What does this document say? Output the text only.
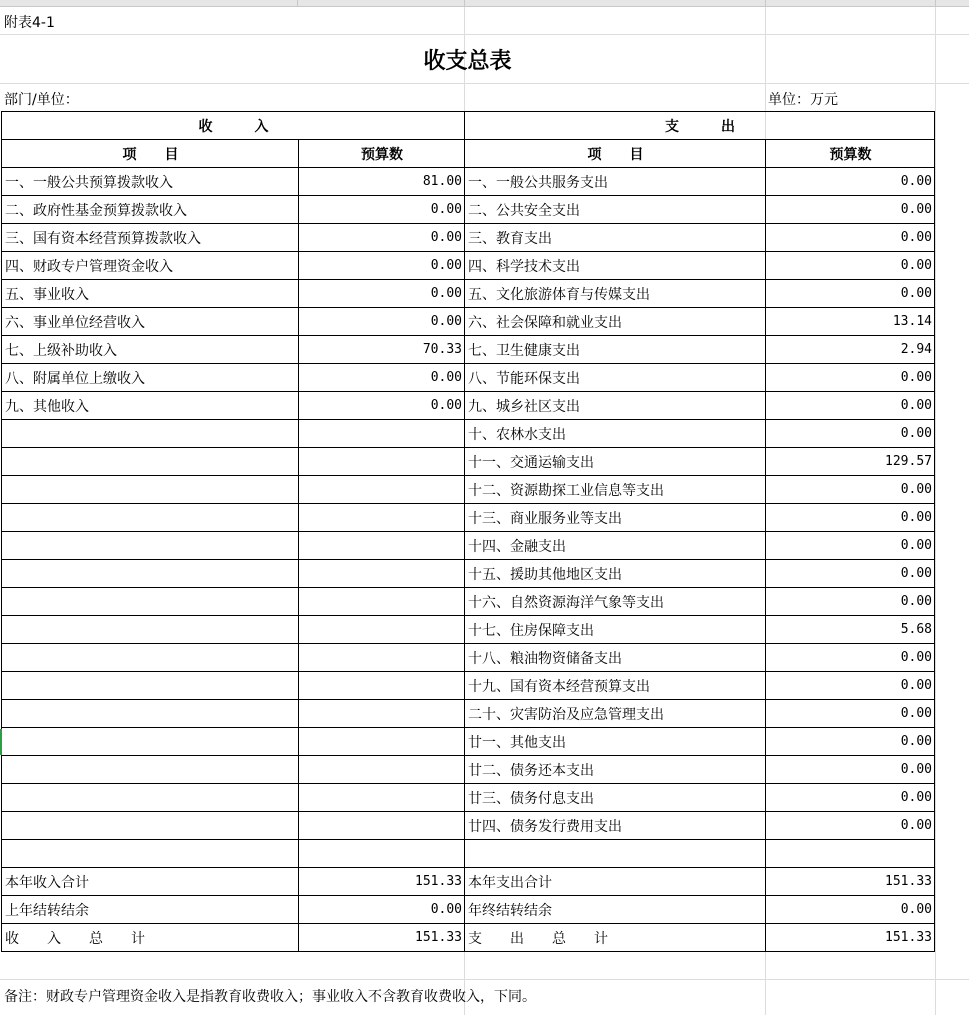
附表4-1
收支总表
部门/单位：	单位：万元
收　　　入		支　　　出	
项　　目	预算数	项　　目	预算数
一、一般公共预算拨款收入	81.00	一、一般公共服务支出	0.00
二、政府性基金预算拨款收入	0.00	二、公共安全支出	0.00
三、国有资本经营预算拨款收入	0.00	三、教育支出	0.00
四、财政专户管理资金收入	0.00	四、科学技术支出	0.00
五、事业收入	0.00	五、文化旅游体育与传媒支出	0.00
六、事业单位经营收入	0.00	六、社会保障和就业支出	13.14
七、上级补助收入	70.33	七、卫生健康支出	2.94
八、附属单位上缴收入	0.00	八、节能环保支出	0.00
九、其他收入	0.00	九、城乡社区支出	0.00
		十、农林水支出	0.00
		十一、交通运输支出	129.57
		十二、资源勘探工业信息等支出	0.00
		十三、商业服务业等支出	0.00
		十四、金融支出	0.00
		十五、援助其他地区支出	0.00
		十六、自然资源海洋气象等支出	0.00
		十七、住房保障支出	5.68
		十八、粮油物资储备支出	0.00
		十九、国有资本经营预算支出	0.00
		二十、灾害防治及应急管理支出	0.00
		廿一、其他支出	0.00
		廿二、债务还本支出	0.00
		廿三、债务付息支出	0.00
		廿四、债务发行费用支出	0.00

本年收入合计	151.33	本年支出合计	151.33
上年结转结余	0.00	年终结转结余	0.00
收　　入　　总　　计	151.33	支　　出　　总　　计	151.33
备注：财政专户管理资金收入是指教育收费收入；事业收入不含教育收费收入，下同。
